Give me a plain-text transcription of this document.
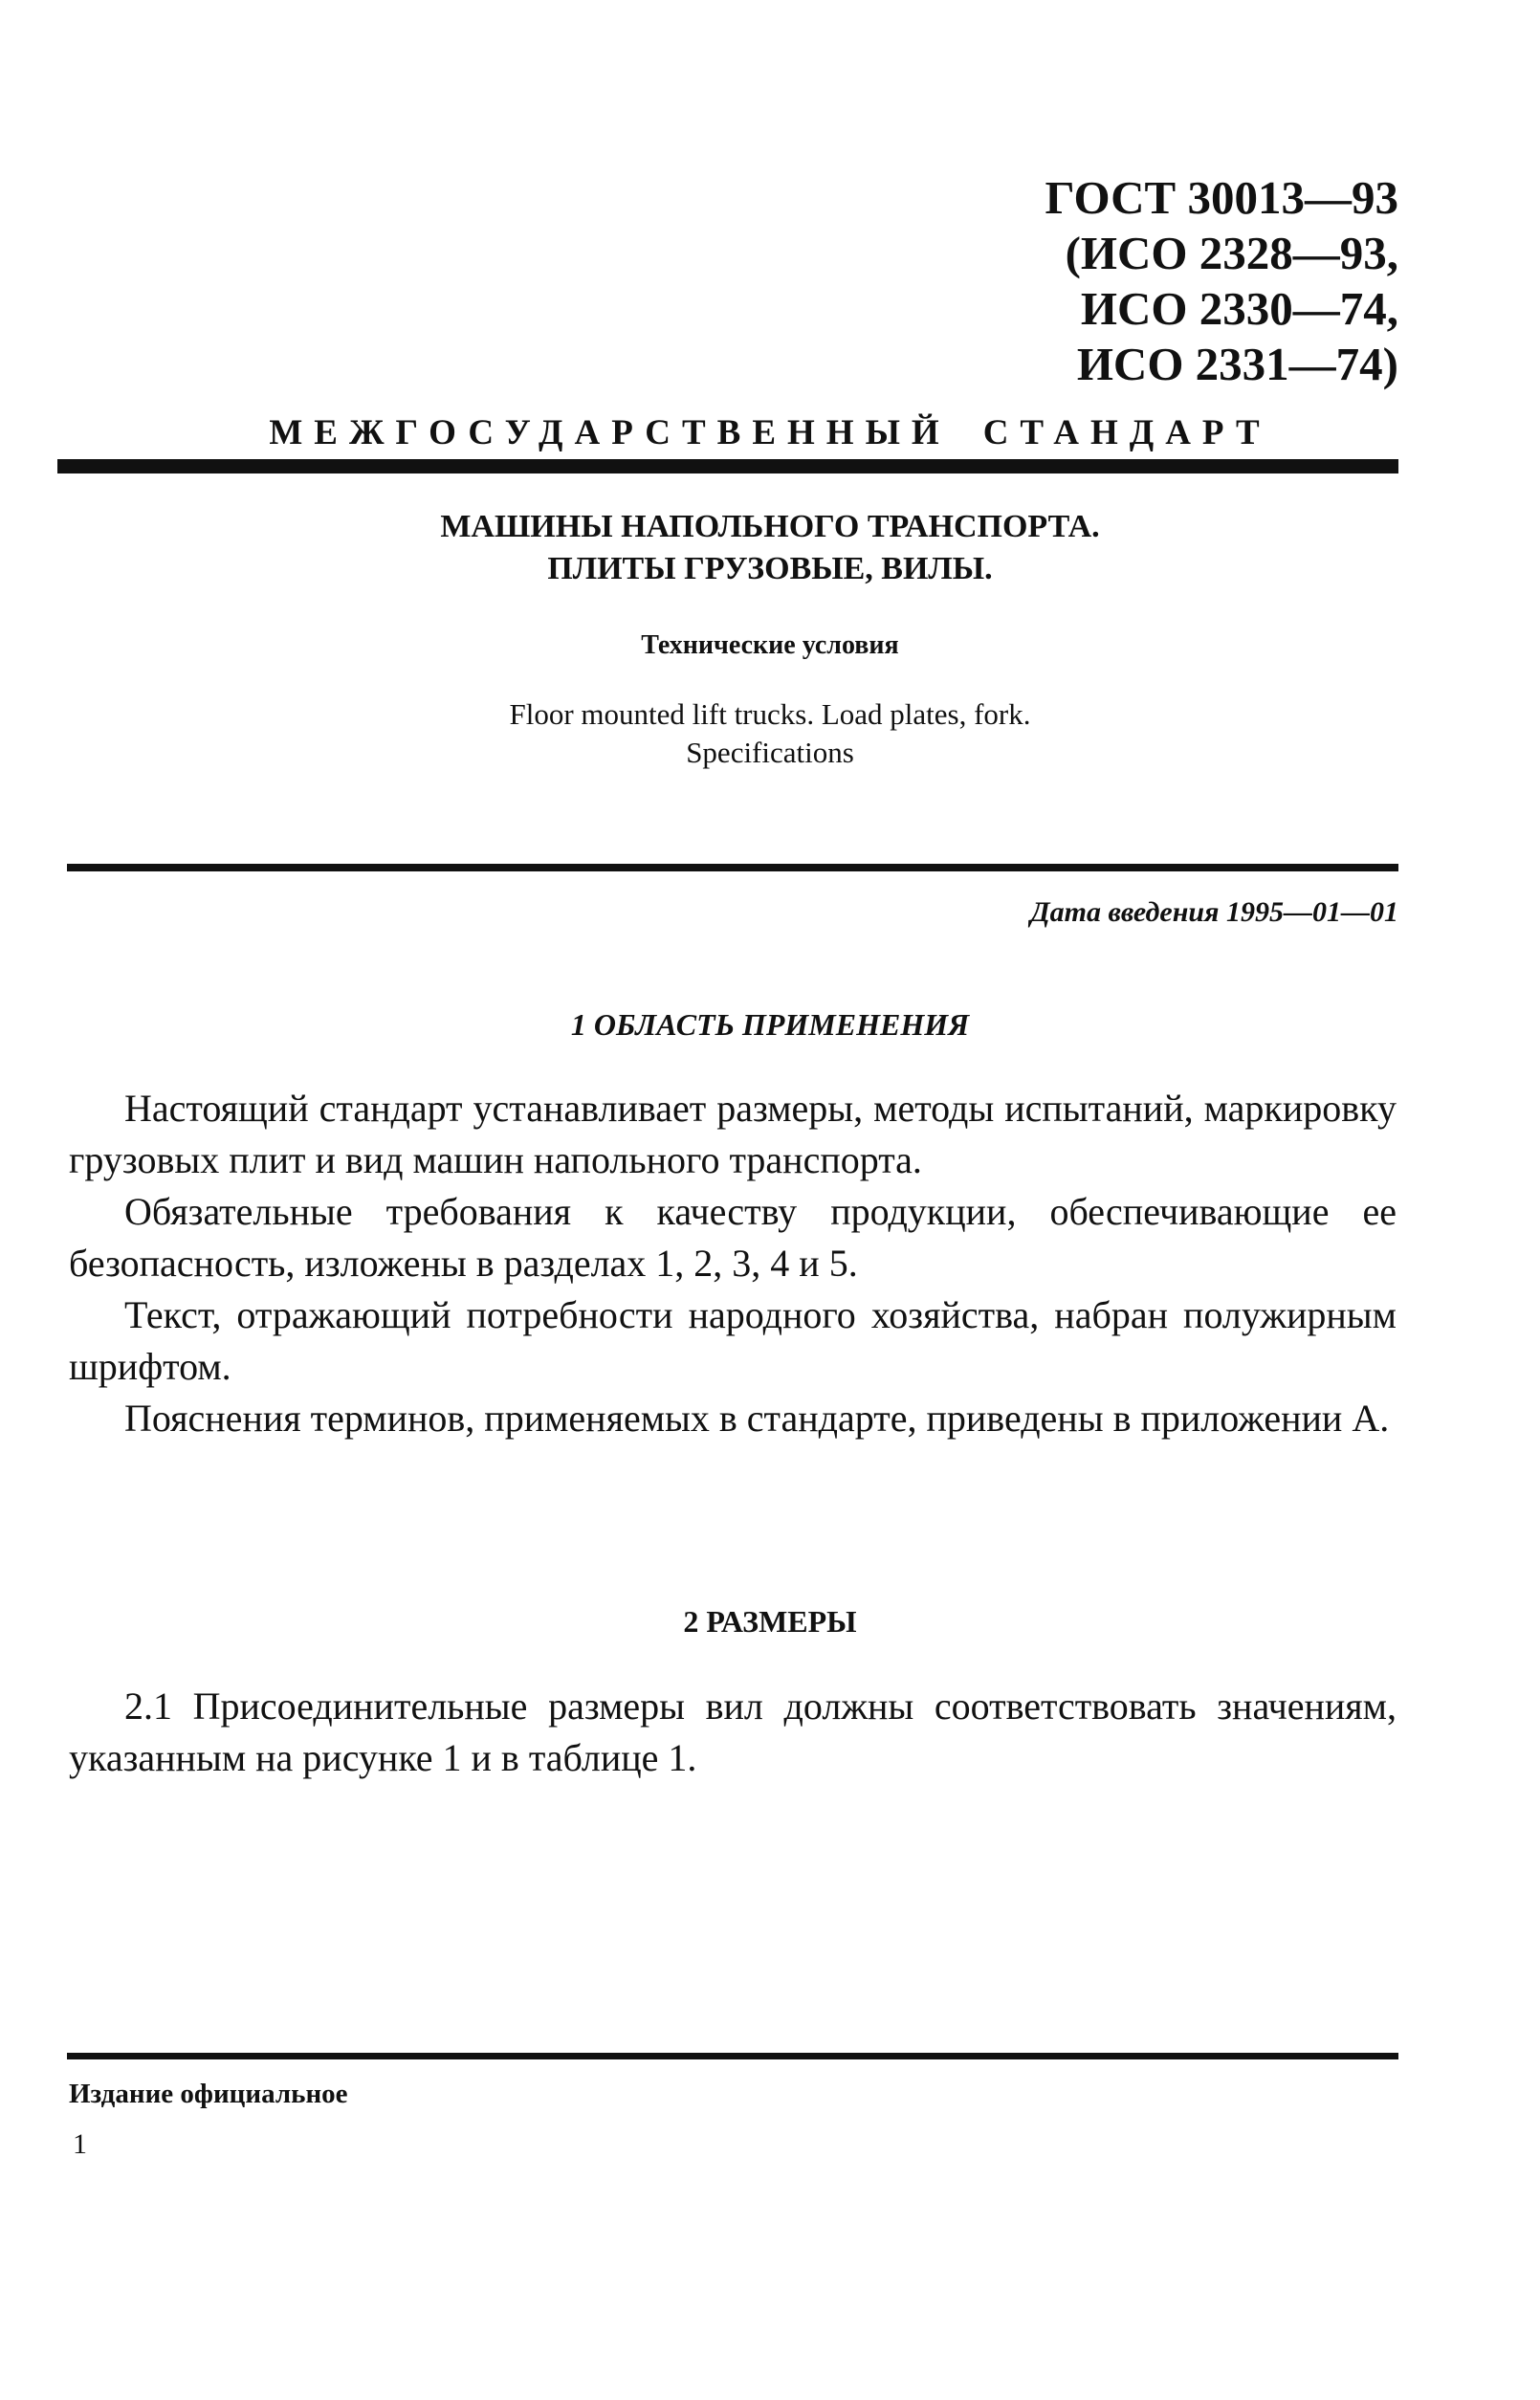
ГОСТ 30013—93
(ИСО 2328—93,
ИСО 2330—74,
ИСО 2331—74)
МЕЖГОСУДАРСТВЕННЫЙ СТАНДАРТ
МАШИНЫ НАПОЛЬНОГО ТРАНСПОРТА.
ПЛИТЫ ГРУЗОВЫЕ, ВИЛЫ.
Технические условия
Floor mounted lift trucks. Load plates, fork.
Specifications
Дата введения 1995—01—01
1 ОБЛАСТЬ ПРИМЕНЕНИЯ

Настоящий стандарт устанавливает размеры, методы испытаний, маркировку грузовых плит и вид машин напольного транспорта.

Обязательные требования к качеству продукции, обеспечивающие ее безопасность, изложены в разделах 1, 2, 3, 4 и 5.

Текст, отражающий потребности народного хозяйства, набран полужирным шрифтом.

Пояснения терминов, применяемых в стандарте, приведены в приложении А.

2 РАЗМЕРЫ

2.1 Присоединительные размеры вил должны соответствовать значениям, указанным на рисунке 1 и в таблице 1.

Издание официальное
1
